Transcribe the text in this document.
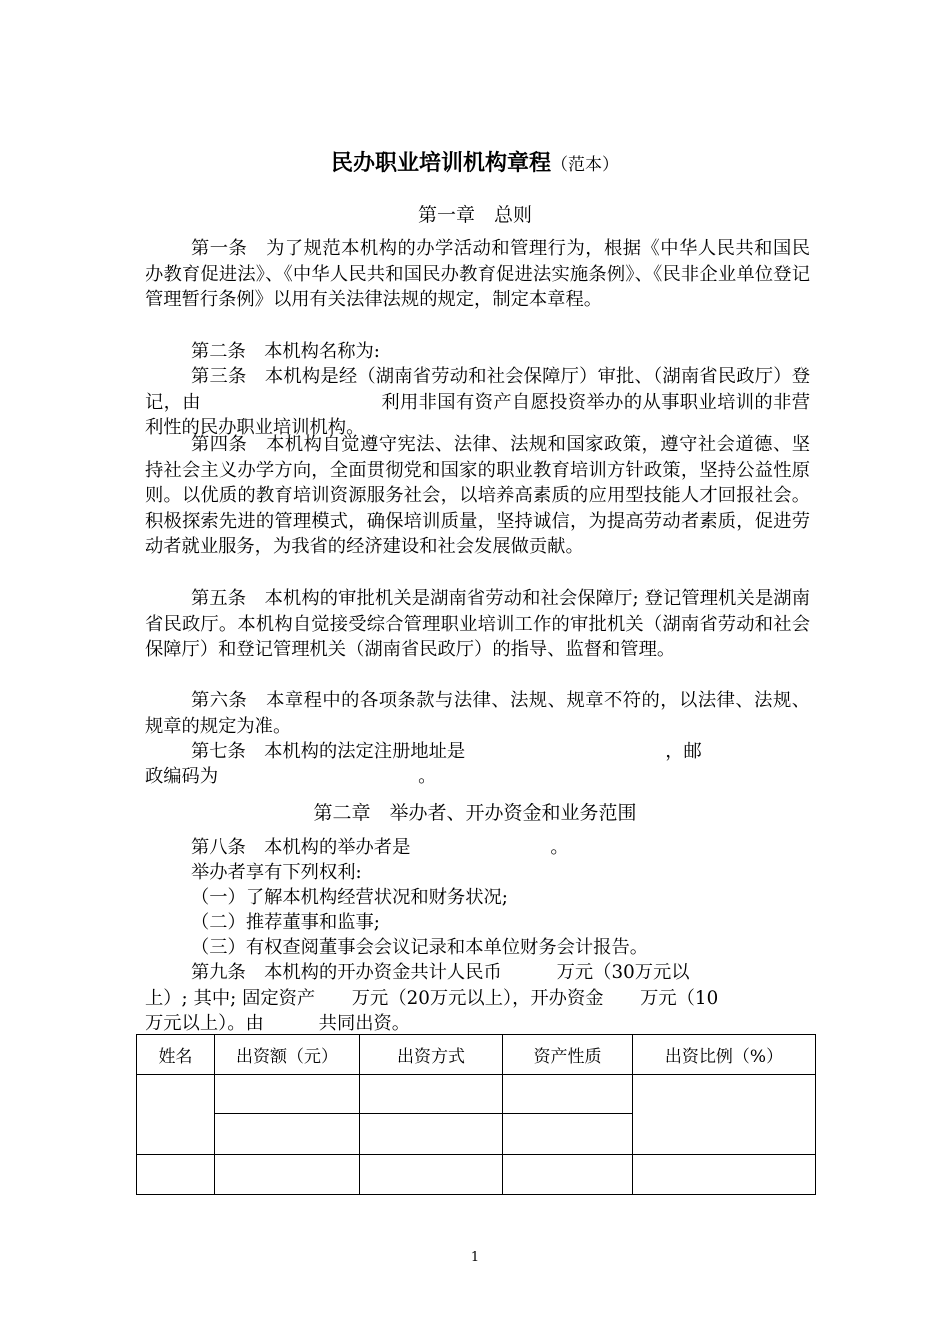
民办职业培训机构章程（范本）
第一章　总则
第一条　为了规范本机构的办学活动和管理行为，根据《中华人民共和国民办教育促进法》、《中华人民共和国民办教育促进法实施条例》、《民非企业单位登记管理暂行条例》以用有关法律法规的规定，制定本章程。
第二条　本机构名称为:
第三条　本机构是经（湖南省劳动和社会保障厅）审批、（湖南省民政厅）登记，由	利用非国有资产自愿投资举办的从事职业培训的非营利性的民办职业培训机构。
第四条　本机构自觉遵守宪法、法律、法规和国家政策，遵守社会道德、坚持社会主义办学方向，全面贯彻党和国家的职业教育培训方针政策，坚持公益性原则。以优质的教育培训资源服务社会，以培养高素质的应用型技能人才回报社会。积极探索先进的管理模式，确保培训质量，坚持诚信，为提高劳动者素质，促进劳动者就业服务，为我省的经济建设和社会发展做贡献。
第五条　本机构的审批机关是湖南省劳动和社会保障厅; 登记管理机关是湖南省民政厅。本机构自觉接受综合管理职业培训工作的审批机关（湖南省劳动和社会保障厅）和登记管理机关（湖南省民政厅）的指导、监督和管理。
第六条　本章程中的各项条款与法律、法规、规章不符的，以法律、法规、规章的规定为准。
第七条　本机构的法定注册地址是	，邮
政编码为	。
第二章　举办者、开办资金和业务范围
第八条　本机构的举办者是	。
举办者享有下列权利:
（一）了解本机构经营状况和财务状况;
（二）推荐董事和监事;
（三）有权查阅董事会会议记录和本单位财务会计报告。
第九条　本机构的开办资金共计人民币　　　万元（30万元以
上）; 其中; 固定资产　　万元（20万元以上），开办资金　　万元（10
万元以上）。由　　　共同出资。
姓名	出资额（元）	出资方式	资产性质	出资比例（%）

1
